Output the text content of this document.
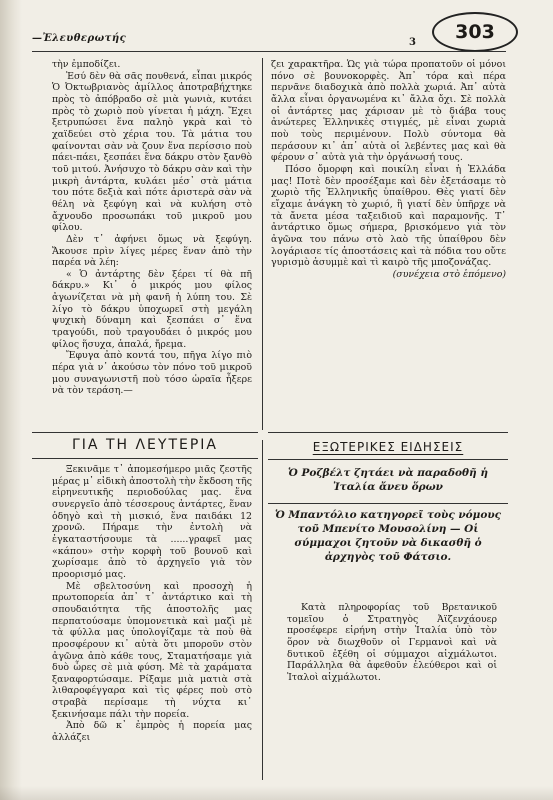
—Ἐλευθερωτής	3 303

τὴν ἐμποδίζει.

Ἐσύ δὲν θὰ σᾶς πουθενά, εἶπαι μικρός Ὁ Ὀκτωβριανὸς ἀμίλλος ἀποτραβήχτηκε πρὸς τὸ ἀπόβραδο σὲ μιὰ γωνιὰ, κυτάει πρὸς τὸ χωριὸ ποὺ γίνεται ἡ μάχη. Ἔχει ξετρυπώσει ἕνα παληὸ γκρὰ καὶ τὸ χαϊδεύει στὸ χέρια του. Τὰ μάτια του φαίνονται σὰν νὰ ζουν ἕνα περίσσιο ποὺ πάει-πάει, ξεσπάει ἕνα δάκρυ στὸν ξανθὸ τοῦ μιτού. Ἀνήσυχο τὸ δάκρυ σὰν καὶ τὴν μικρὴ ἀντάρτα, κυλάει μέσ᾽ στὰ μάτια του πότε δεξιὰ καὶ πότε ἀριστερὰ σὰν νὰ θέλη νὰ ξεφύγη καὶ νὰ κυλήση στὸ ἄχνουδο προσωπάκι τοῦ μικροῦ μου φίλου.

Δὲν τ᾽ ἀφήνει ὅμως νὰ ξεφύγη. Ἄκουσε πρὶν λίγες μέρες ἕναν ἀπὸ τὴν παρέα νὰ λέη:

« Ὁ ἀντάρτης δὲν ξέρει τί θὰ πῆ δάκρυ.» Κι᾽ ὁ μικρός μου φίλος ἀγωνίζεται νὰ μὴ φανῆ ἡ λύπη του. Σὲ λίγο τὸ δάκρυ ὑποχωρεῖ στὴ μεγάλη ψυχικὴ δύναμη καὶ ξεσπάει σ᾽ ἕνα τραγούδι, ποὺ τραγουδάει ὁ μικρός μου φίλος ἥσυχα, ἁπαλά, ἤρεμα.

Ἔφυγα ἀπὸ κοντά του, πῆγα λίγο πιὸ πέρα γιὰ ν᾽ ἀκούσω τὸν πόνο τοῦ μικροῦ μου συναγωνιστῆ ποὺ τόσο ὡραῖα ἦξερε νὰ τὸν τεράση.—

ζει χαρακτῆρα. Ὡς γιὰ τώρα προπατοῦν οἱ μόνοι πόνο σὲ βουνοκορφὲς. Ἀπ᾽ τόρα καὶ πέρα περνᾶνε διαδοχικὰ ἀπὸ πολλὰ χωριά. Ἀπ᾽ αὐτὰ ἄλλα εἶναι ὀργανωμένα κι᾽ ἄλλα ὄχι. Σὲ πολλὰ οἱ ἀντάρτες μας χάρισαν μὲ τὸ διάβα τους ἀνώτερες Ἑλληνικὲς στιγμές, μὲ εἶναι χωριὰ ποὺ τοὺς περιμένουν. Πολὺ σύντομα θὰ περάσουν κι᾽ ἀπ᾽ αὐτὰ οἱ λεβέντες μας καὶ θὰ φέρουν σ᾽ αὐτὰ γιὰ τὴν ὀργάνωσή τους.

Πόσο ὄμορφη καὶ ποικίλη εἶναι ἡ Ἑλλάδα μας! Ποτὲ δὲν προσέξαμε καὶ δὲν ἐξετάσαμε τὸ χωριὸ τῆς Ἑλληνικῆς ὑπαίθρου. Θὲς γιατί δὲν εἴχαμε ἀνάγκη τὸ χωριό, ἢ γιατί δὲν ὑπῆρχε νὰ τὰ ἄνετα μέσα ταξειδιοῦ καὶ παραμονῆς. Τ᾽ ἀντάρτικο ὅμως σήμερα, βρισκόμενο γιὰ τὸν ἀγῶνα του πάνω στὸ λαὸ τῆς ὑπαίθρου δὲν λογάριασε τίς ἀποστάσεις καὶ τὰ πόδια του οὔτε γυρισμὸ ἀσυμμὲ καὶ τὶ καιρὸ τῆς μποζονάζας.

(συνέχεια στὸ ἑπόμενο)

ΓΙΑ ΤΗ ΛΕΥΤΕΡΙΑ

Ξεκινᾶμε τ᾽ ἀπομεσήμερο μιᾶς ζεστῆς μέρας μ᾽ εἰδικὴ ἀποστολὴ τὴν ἔκδοση τῆς εἰρηνευτικῆς περιοδούλας μας. ἕνα συνεργεῖο ἀπὸ τέσσερους ἀντάρτες, ἕναν ὁδηγὸ καὶ τὴ μισκιό, ἕνα παιδάκι 12 χρονῶ. Πήραμε τὴν ἐντολὴ νὰ ἐγκαταστήσουμε τὰ ......γραφεῖ μας «κάπου» στὴν κορφὴ τοῦ βουνοῦ καὶ χωρίσαμε ἀπὸ τὸ ἀρχηγεῖο γιὰ τὸν προορισμό μας.

Μὲ σβελτοσύνη καὶ προσοχὴ ἡ πρωτοπορεία ἀπ᾽ τ᾽ ἀντάρτικο καὶ τὴ σπουδαιότητα τῆς ἀποστολῆς μας περπατούσαμε ὑπομονετικὰ καὶ μαζὶ μὲ τὰ φύλλα μας ὑπολογίζαμε τὰ ποὺ θὰ προσφέρουν κι᾽ αὐτὰ ὅτι μποροῦν στὸν ἀγῶνα ἀπὸ κάθε τους, Σταματήσαμε γιὰ δυὸ ὧρες σὲ μιὰ φύση. Μὲ τὰ χαράματα ξαναφορτώσαμε. Ρίξαμε μιὰ ματιὰ στὰ λιθαροφέγγαρα καὶ τὶς φέρες ποὺ στὸ στραβὰ περίσαμε τὴ νύχτα κι᾽ ξεκινήσαμε πάλι τὴν πορεία.

Ἀπὸ δῶ κ᾽ ἐμπρὸς ἡ πορεία μας ἀλλάζει

ΕΞΩΤΕΡΙΚΕΣ ΕΙΔΗΣΕΙΣ
Ὁ Ροζβέλτ ζητάει νὰ παραδοθῆ ἡ Ἰταλία ἄνευ ὅρων
Ὁ Μπαντόλιο κατηγορεῖ τοὺς νόμους τοῦ Μπενίτο Μουσολίνη — Οἱ σύμμαχοι ζητοῦν νὰ δικασθῆ ὁ ἀρχηγὸς τοῦ Φάτσιο.

Κατὰ πληροφορίας τοῦ Βρετανικοῦ τομεῖου ὁ Στρατηγὸς Ἀϊζενχάουερ προσέφερε εἰρήνη στὴν Ἰταλία ὑπὸ τὸν ὅρον νὰ διωχθοῦν οἱ Γερμανοὶ καὶ νὰ δυτικοῦ ἐξέθη οἱ σύμμαχοι αἰχμάλωτοι. Παράλληλα θὰ ἀφεθοῦν ἐλεύθεροι καὶ οἱ Ἰταλοὶ αἰχμάλωτοι.
